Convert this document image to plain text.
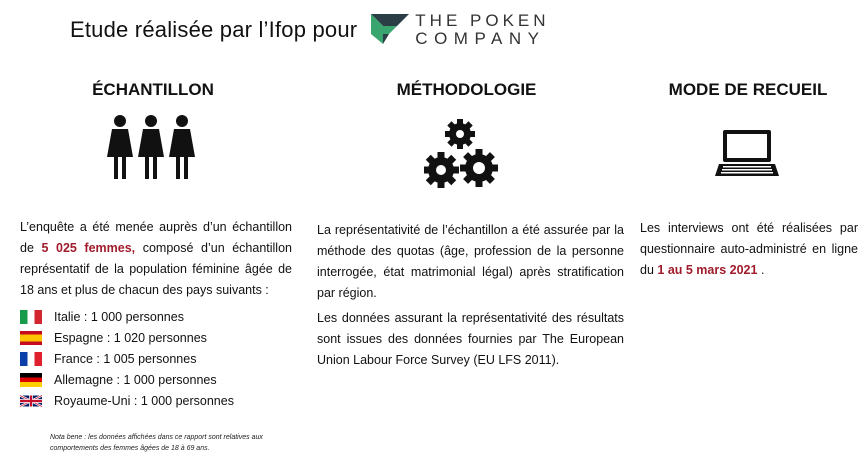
Etude réalisée par l’Ifop pour	THE POKEN
COMPANY
ÉCHANTILLON
L’enquête a été menée auprès d’un échantillon de 5 025 femmes, composé d’un échantillon représentatif de la population féminine âgée de 18 ans et plus de chacun des pays suivants :
Italie : 1 000 personnes
Espagne : 1 020 personnes
France : 1 005 personnes
Allemagne : 1 000 personnes
Royaume-Uni : 1 000 personnes
Nota bene : les données affichées dans ce rapport sont relatives aux comportements des femmes âgées de 18 à 69 ans.
MÉTHODOLOGIE
La représentativité de l’échantillon a été assurée par la méthode des quotas (âge, profession de la personne interrogée, état matrimonial légal) après stratification par région.
Les données assurant la représentativité des résultats sont issues des données fournies par The European Union Labour Force Survey (EU LFS 2011).
MODE DE RECUEIL
Les interviews ont été réalisées par questionnaire auto-administré en ligne du 1 au 5 mars 2021 .
